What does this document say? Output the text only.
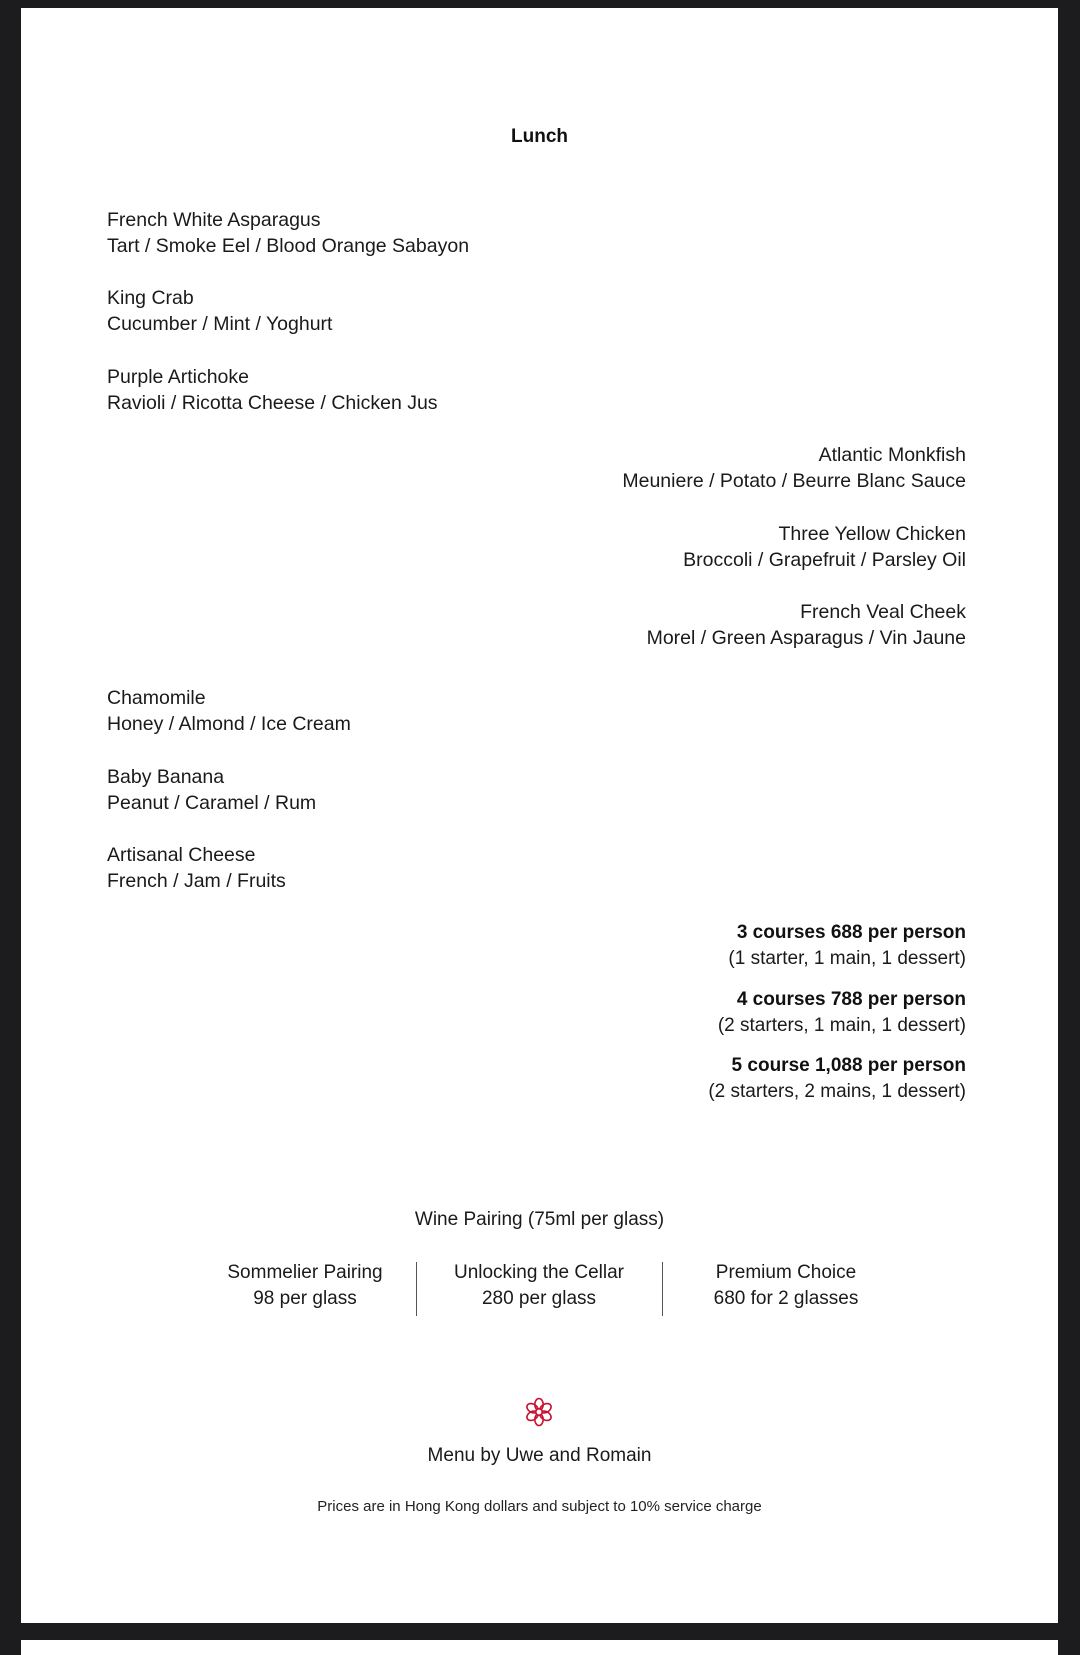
Lunch
French White Asparagus
Tart / Smoke Eel / Blood Orange Sabayon
King Crab
Cucumber / Mint / Yoghurt
Purple Artichoke
Ravioli / Ricotta Cheese / Chicken Jus
Atlantic Monkfish
Meuniere / Potato / Beurre Blanc Sauce
Three Yellow Chicken
Broccoli / Grapefruit / Parsley Oil
French Veal Cheek
Morel / Green Asparagus / Vin Jaune
Chamomile
Honey / Almond / Ice Cream
Baby Banana
Peanut / Caramel / Rum
Artisanal Cheese
French / Jam / Fruits
3 courses 688 per person
(1 starter, 1 main, 1 dessert)
4 courses 788 per person
(2 starters, 1 main, 1 dessert)
5 course 1,088 per person
(2 starters, 2 mains, 1 dessert)
Wine Pairing (75ml per glass)
Sommelier Pairing
98 per glass
Unlocking the Cellar
280 per glass
Premium Choice
680 for 2 glasses
Menu by Uwe and Romain
Prices are in Hong Kong dollars and subject to 10% service charge
